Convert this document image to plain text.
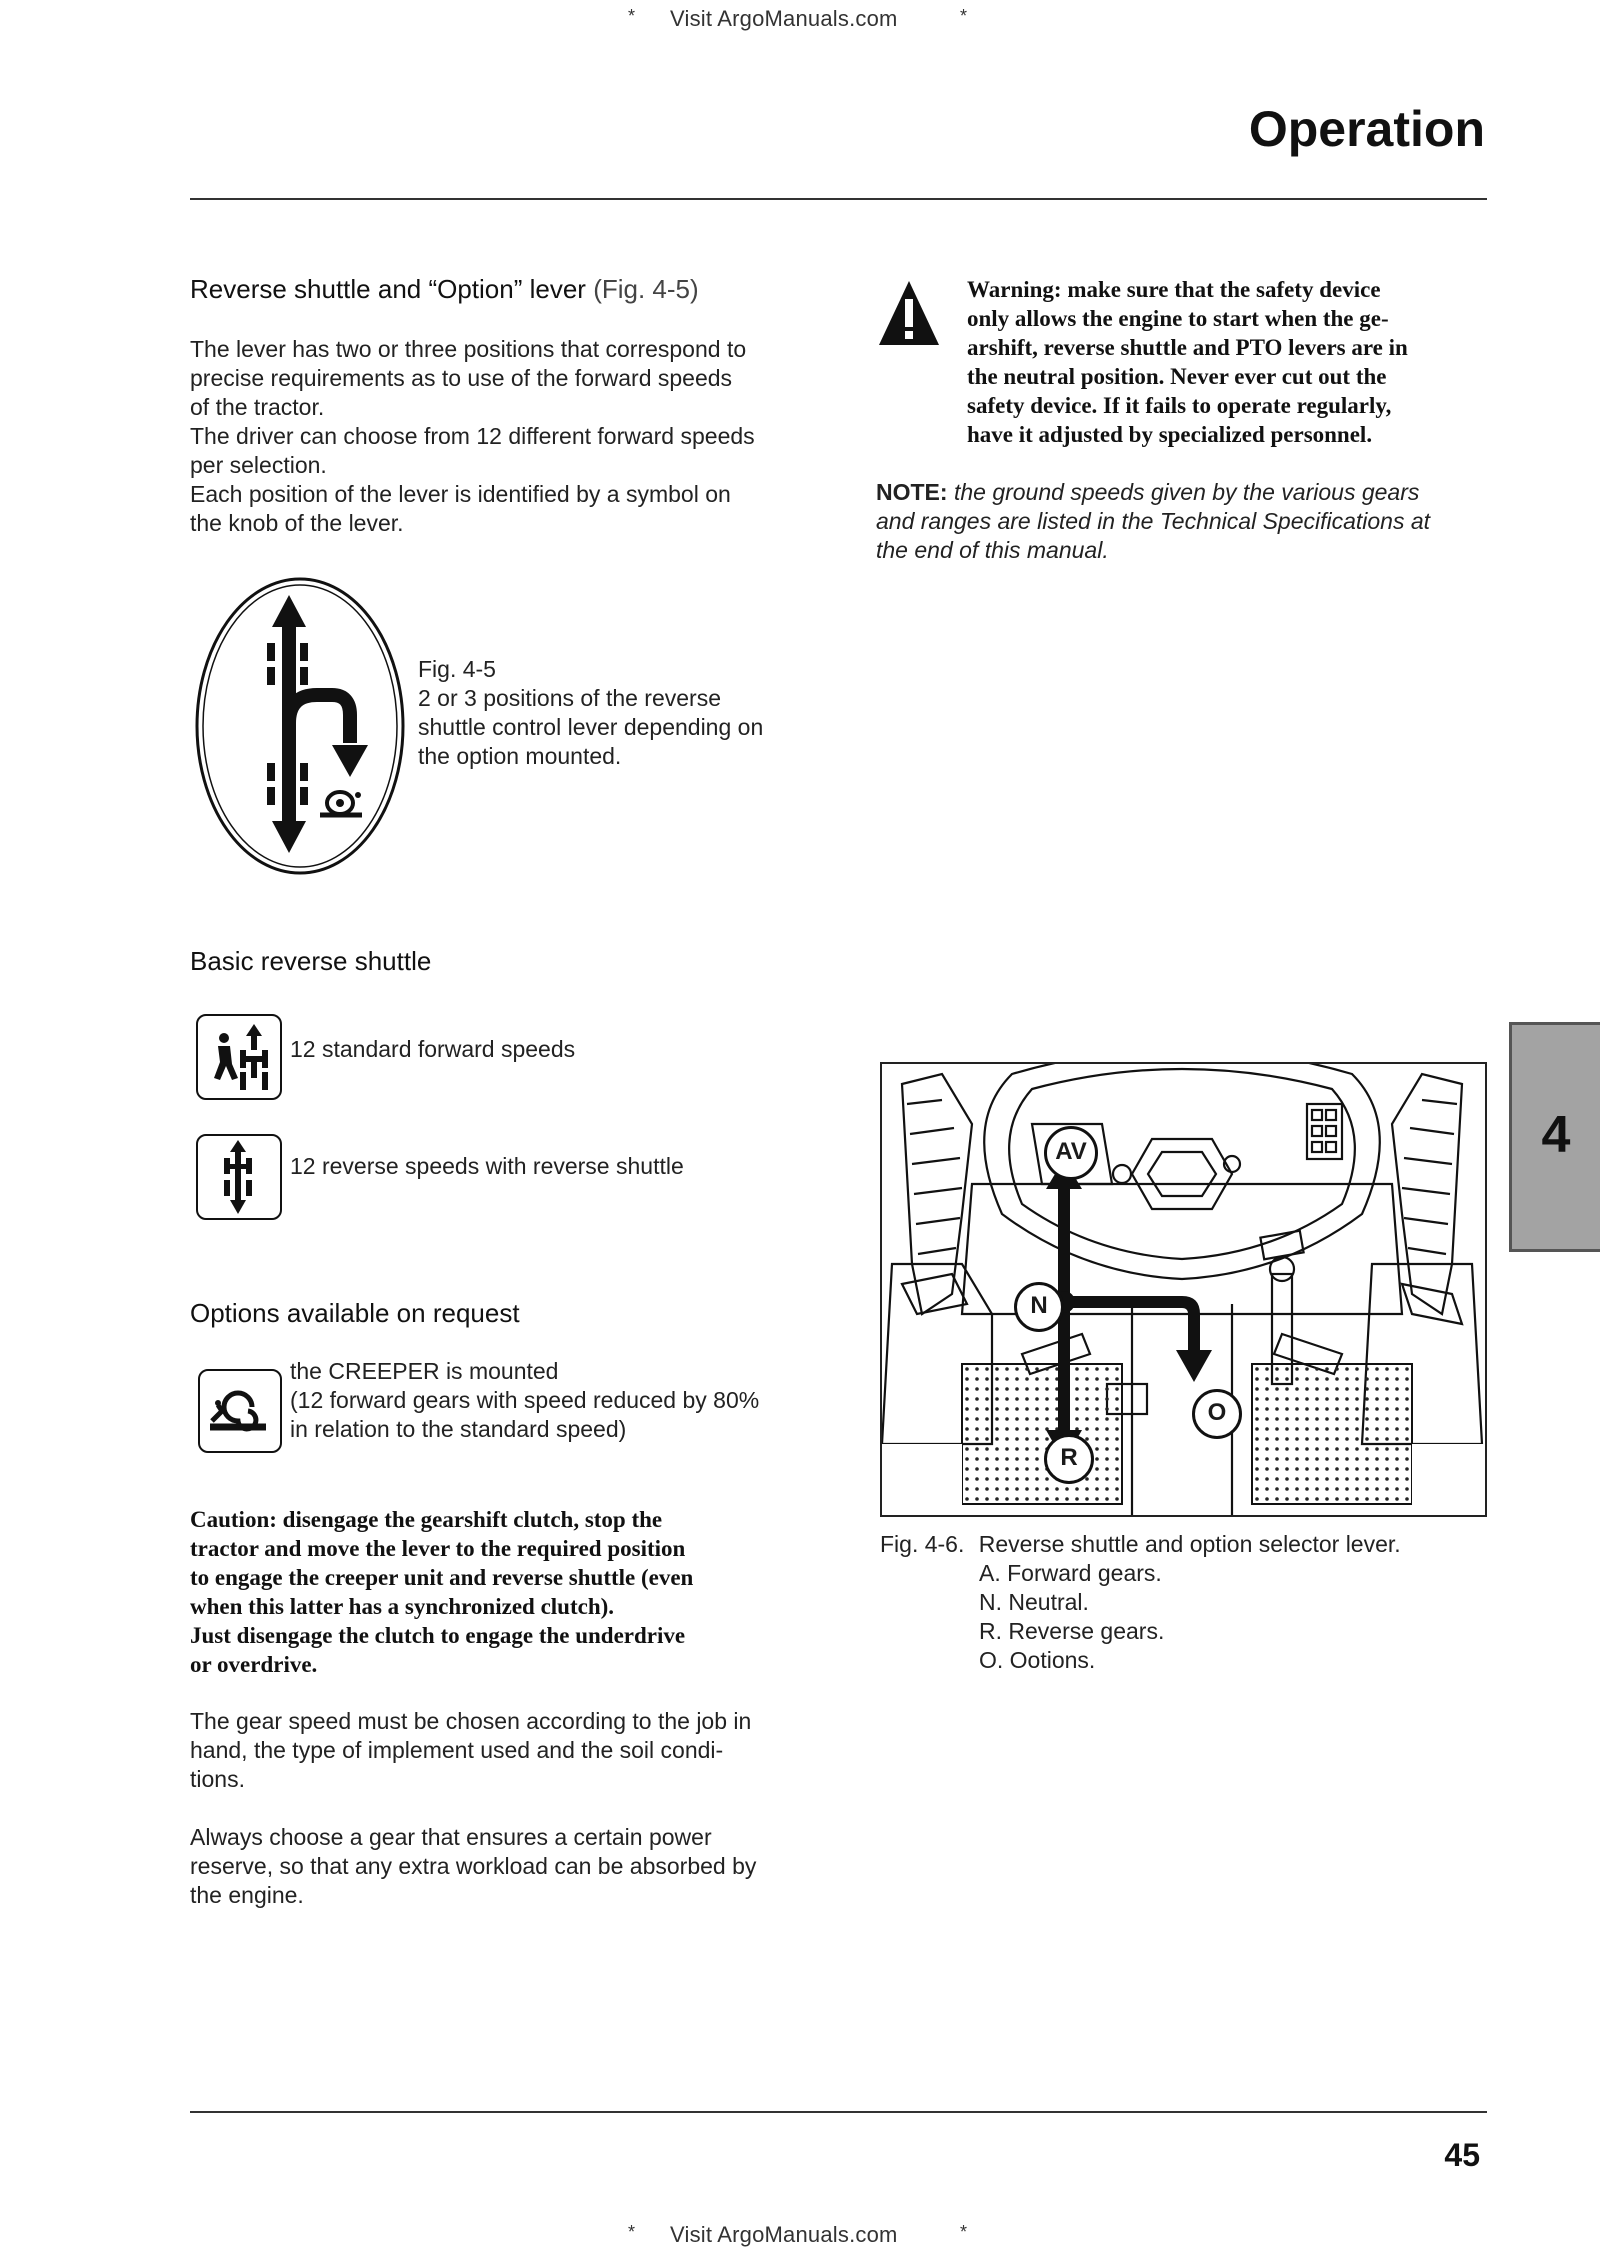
* Visit ArgoManuals.com	*
Operation
Reverse shuttle and “Option” lever (Fig. 4-5)
The lever has two or three positions that correspond to
precise requirements as to use of the forward speeds
of the tractor.
The driver can choose from 12 different forward speeds
per selection.
Each position of the lever is identified by a symbol on
the knob of the lever.
Fig. 4-5
2 or 3 positions of the reverse
shuttle control lever depending on
the option mounted.
Basic reverse shuttle
12 standard forward speeds
12 reverse speeds with reverse shuttle
Options available on request
the CREEPER is mounted
(12 forward gears with speed reduced by 80%
in relation to the standard speed)
Caution: disengage the gearshift clutch, stop the
tractor and move the lever to the required position
to engage the creeper unit and reverse shuttle (even
when this latter has a synchronized clutch).
Just disengage the clutch to engage the underdrive
or overdrive.
The gear speed must be chosen according to the job in
hand, the type of implement used and the soil condi-
tions.
Always choose a gear that ensures a certain power
reserve, so that any extra workload can be absorbed by
the engine.
Warning: make sure that the safety device
only allows the engine to start when the ge-
arshift, reverse shuttle and PTO levers are in
the neutral position. Never ever cut out the
safety device. If it fails to operate regularly,
have it adjusted by specialized personnel.
NOTE: the ground speeds given by the various gears
and ranges are listed in the Technical Specifications at
the end of this manual.
AV
N
O
R
Fig. 4-6. Reverse shuttle and option selector lever.
A. Forward gears.
N. Neutral.
R. Reverse gears.
O. Ootions.
4
45
* Visit ArgoManuals.com	*
